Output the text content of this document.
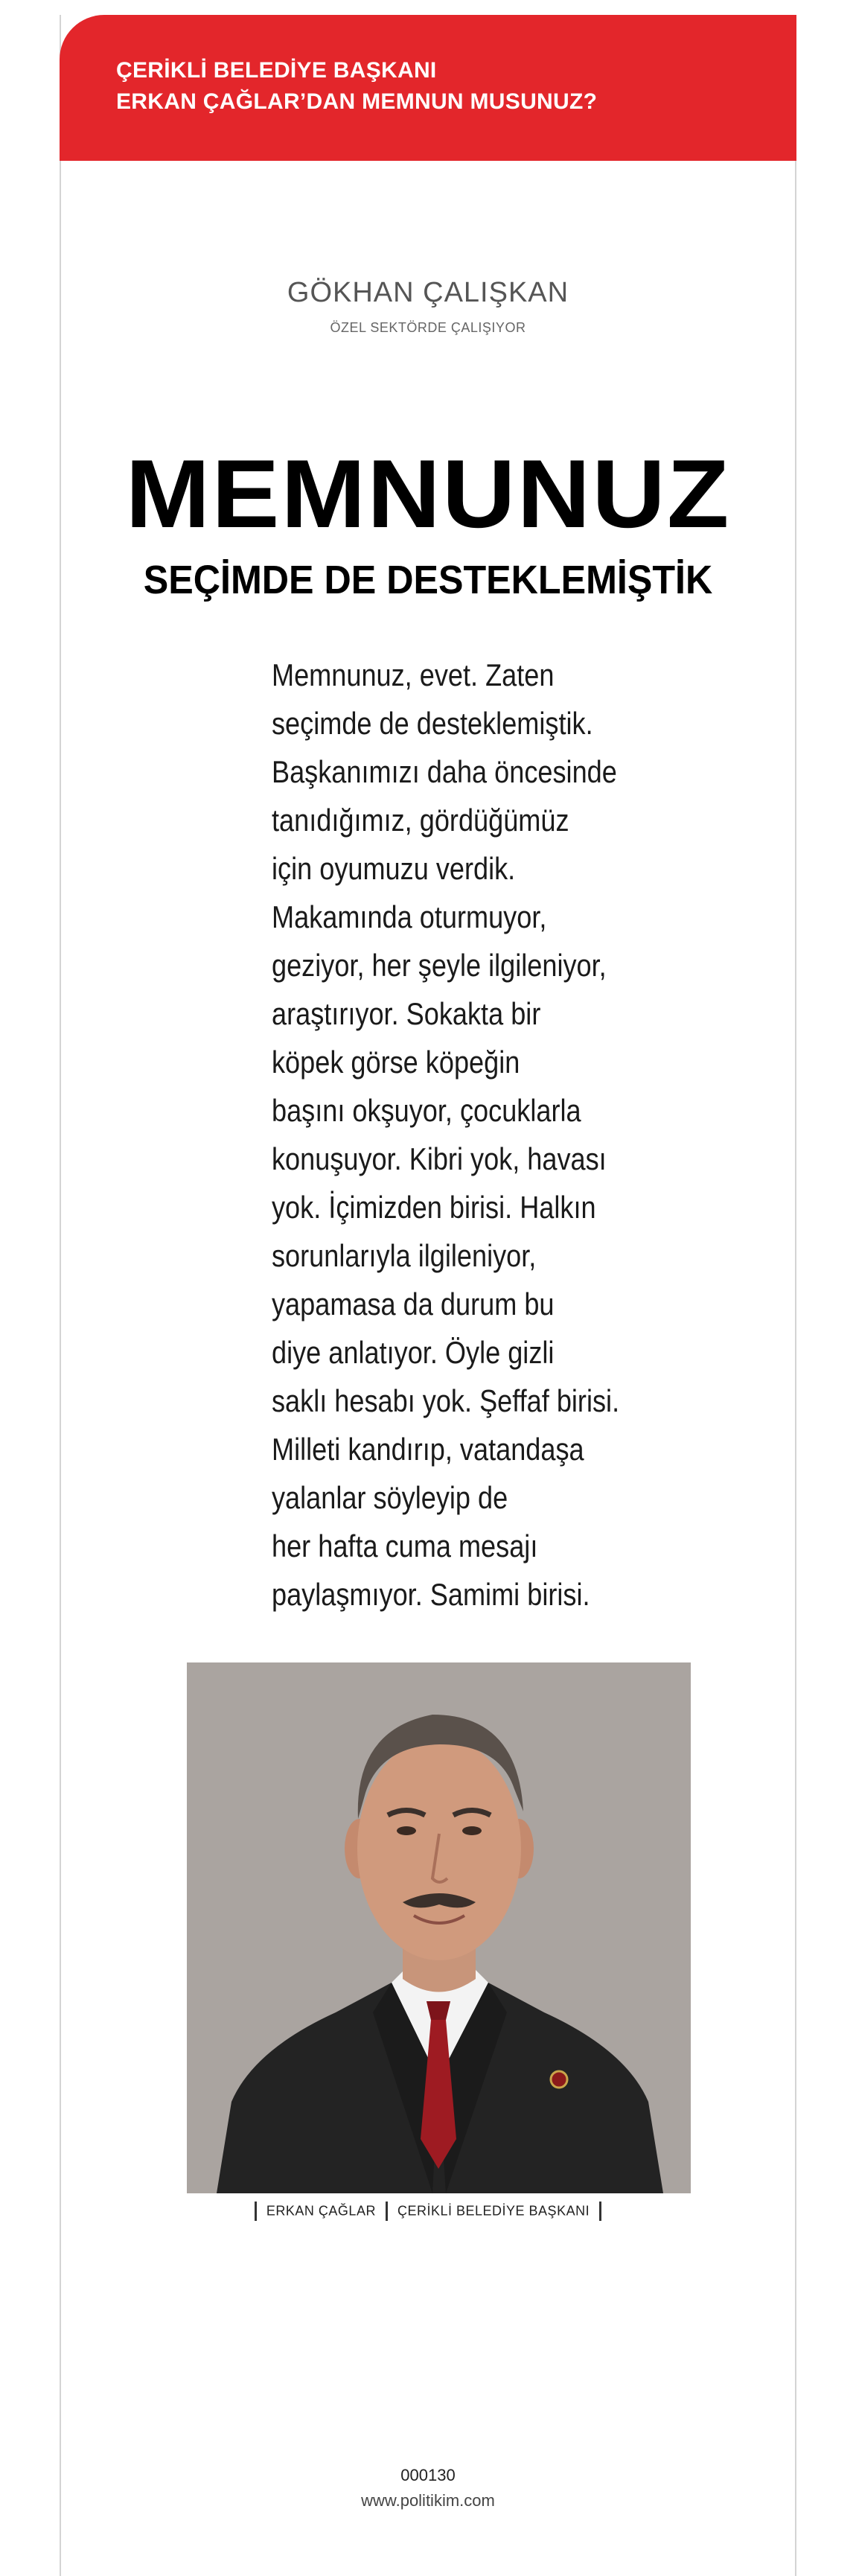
ÇERİKLİ BELEDİYE BAŞKANI
ERKAN ÇAĞLAR’DAN MEMNUN MUSUNUZ?
GÖKHAN ÇALIŞKAN
ÖZEL SEKTÖRDE ÇALIŞIYOR
MEMNUNUZ
SEÇİMDE DE DESTEKLEMİŞTİK
Memnunuz, evet. Zaten
seçimde de desteklemiştik.
Başkanımızı daha öncesinde
tanıdığımız, gördüğümüz
için oyumuzu verdik.
Makamında oturmuyor,
geziyor, her şeyle ilgileniyor,
araştırıyor. Sokakta bir
köpek görse köpeğin
başını okşuyor, çocuklarla
konuşuyor. Kibri yok, havası
yok. İçimizden birisi. Halkın
sorunlarıyla ilgileniyor,
yapamasa da durum bu
diye anlatıyor. Öyle gizli
saklı hesabı yok. Şeffaf birisi.
Milleti kandırıp, vatandaşa
yalanlar söyleyip de
her hafta cuma mesajı
paylaşmıyor. Samimi birisi.
ERKAN ÇAĞLAR ÇERİKLİ BELEDİYE BAŞKANI
000130
www.politikim.com
